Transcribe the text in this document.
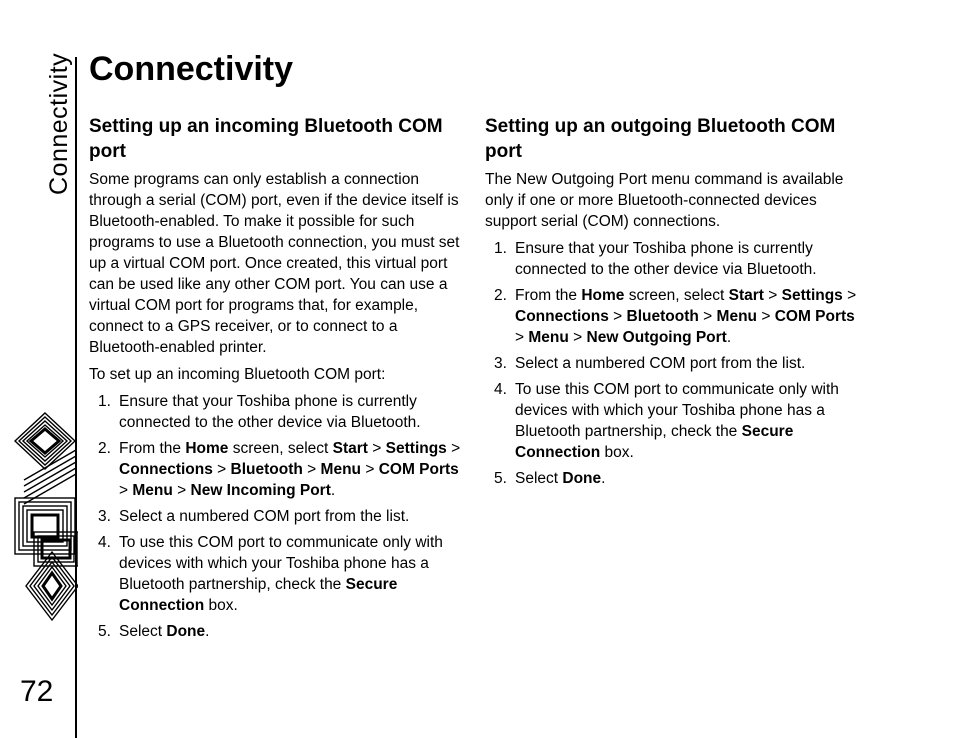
Connectivity
72
Connectivity
Setting up an incoming Bluetooth COM port

Some programs can only establish a connection through a serial (COM) port, even if the device itself is Bluetooth-enabled. To make it possible for such programs to use a Bluetooth connection, you must set up a virtual COM port. Once created, this virtual port can be used like any other COM port. You can use a virtual COM port for programs that, for example, connect to a GPS receiver, or to connect to a Bluetooth-enabled printer.

To set up an incoming Bluetooth COM port:

1. Ensure that your Toshiba phone is currently connected to the other device via Bluetooth.
2. From the Home screen, select Start > Settings > Connections > Bluetooth > Menu > COM Ports > Menu > New Incoming Port.
3. Select a numbered COM port from the list.
4. To use this COM port to communicate only with devices with which your Toshiba phone has a Bluetooth partnership, check the Secure Connection box.
5. Select Done.
Setting up an outgoing Bluetooth COM port

The New Outgoing Port menu command is available only if one or more Bluetooth-connected devices support serial (COM) connections.

1. Ensure that your Toshiba phone is currently connected to the other device via Bluetooth.
2. From the Home screen, select Start > Settings > Connections > Bluetooth > Menu > COM Ports > Menu > New Outgoing Port.
3. Select a numbered COM port from the list.
4. To use this COM port to communicate only with devices with which your Toshiba phone has a Bluetooth partnership, check the Secure Connection box.
5. Select Done.
